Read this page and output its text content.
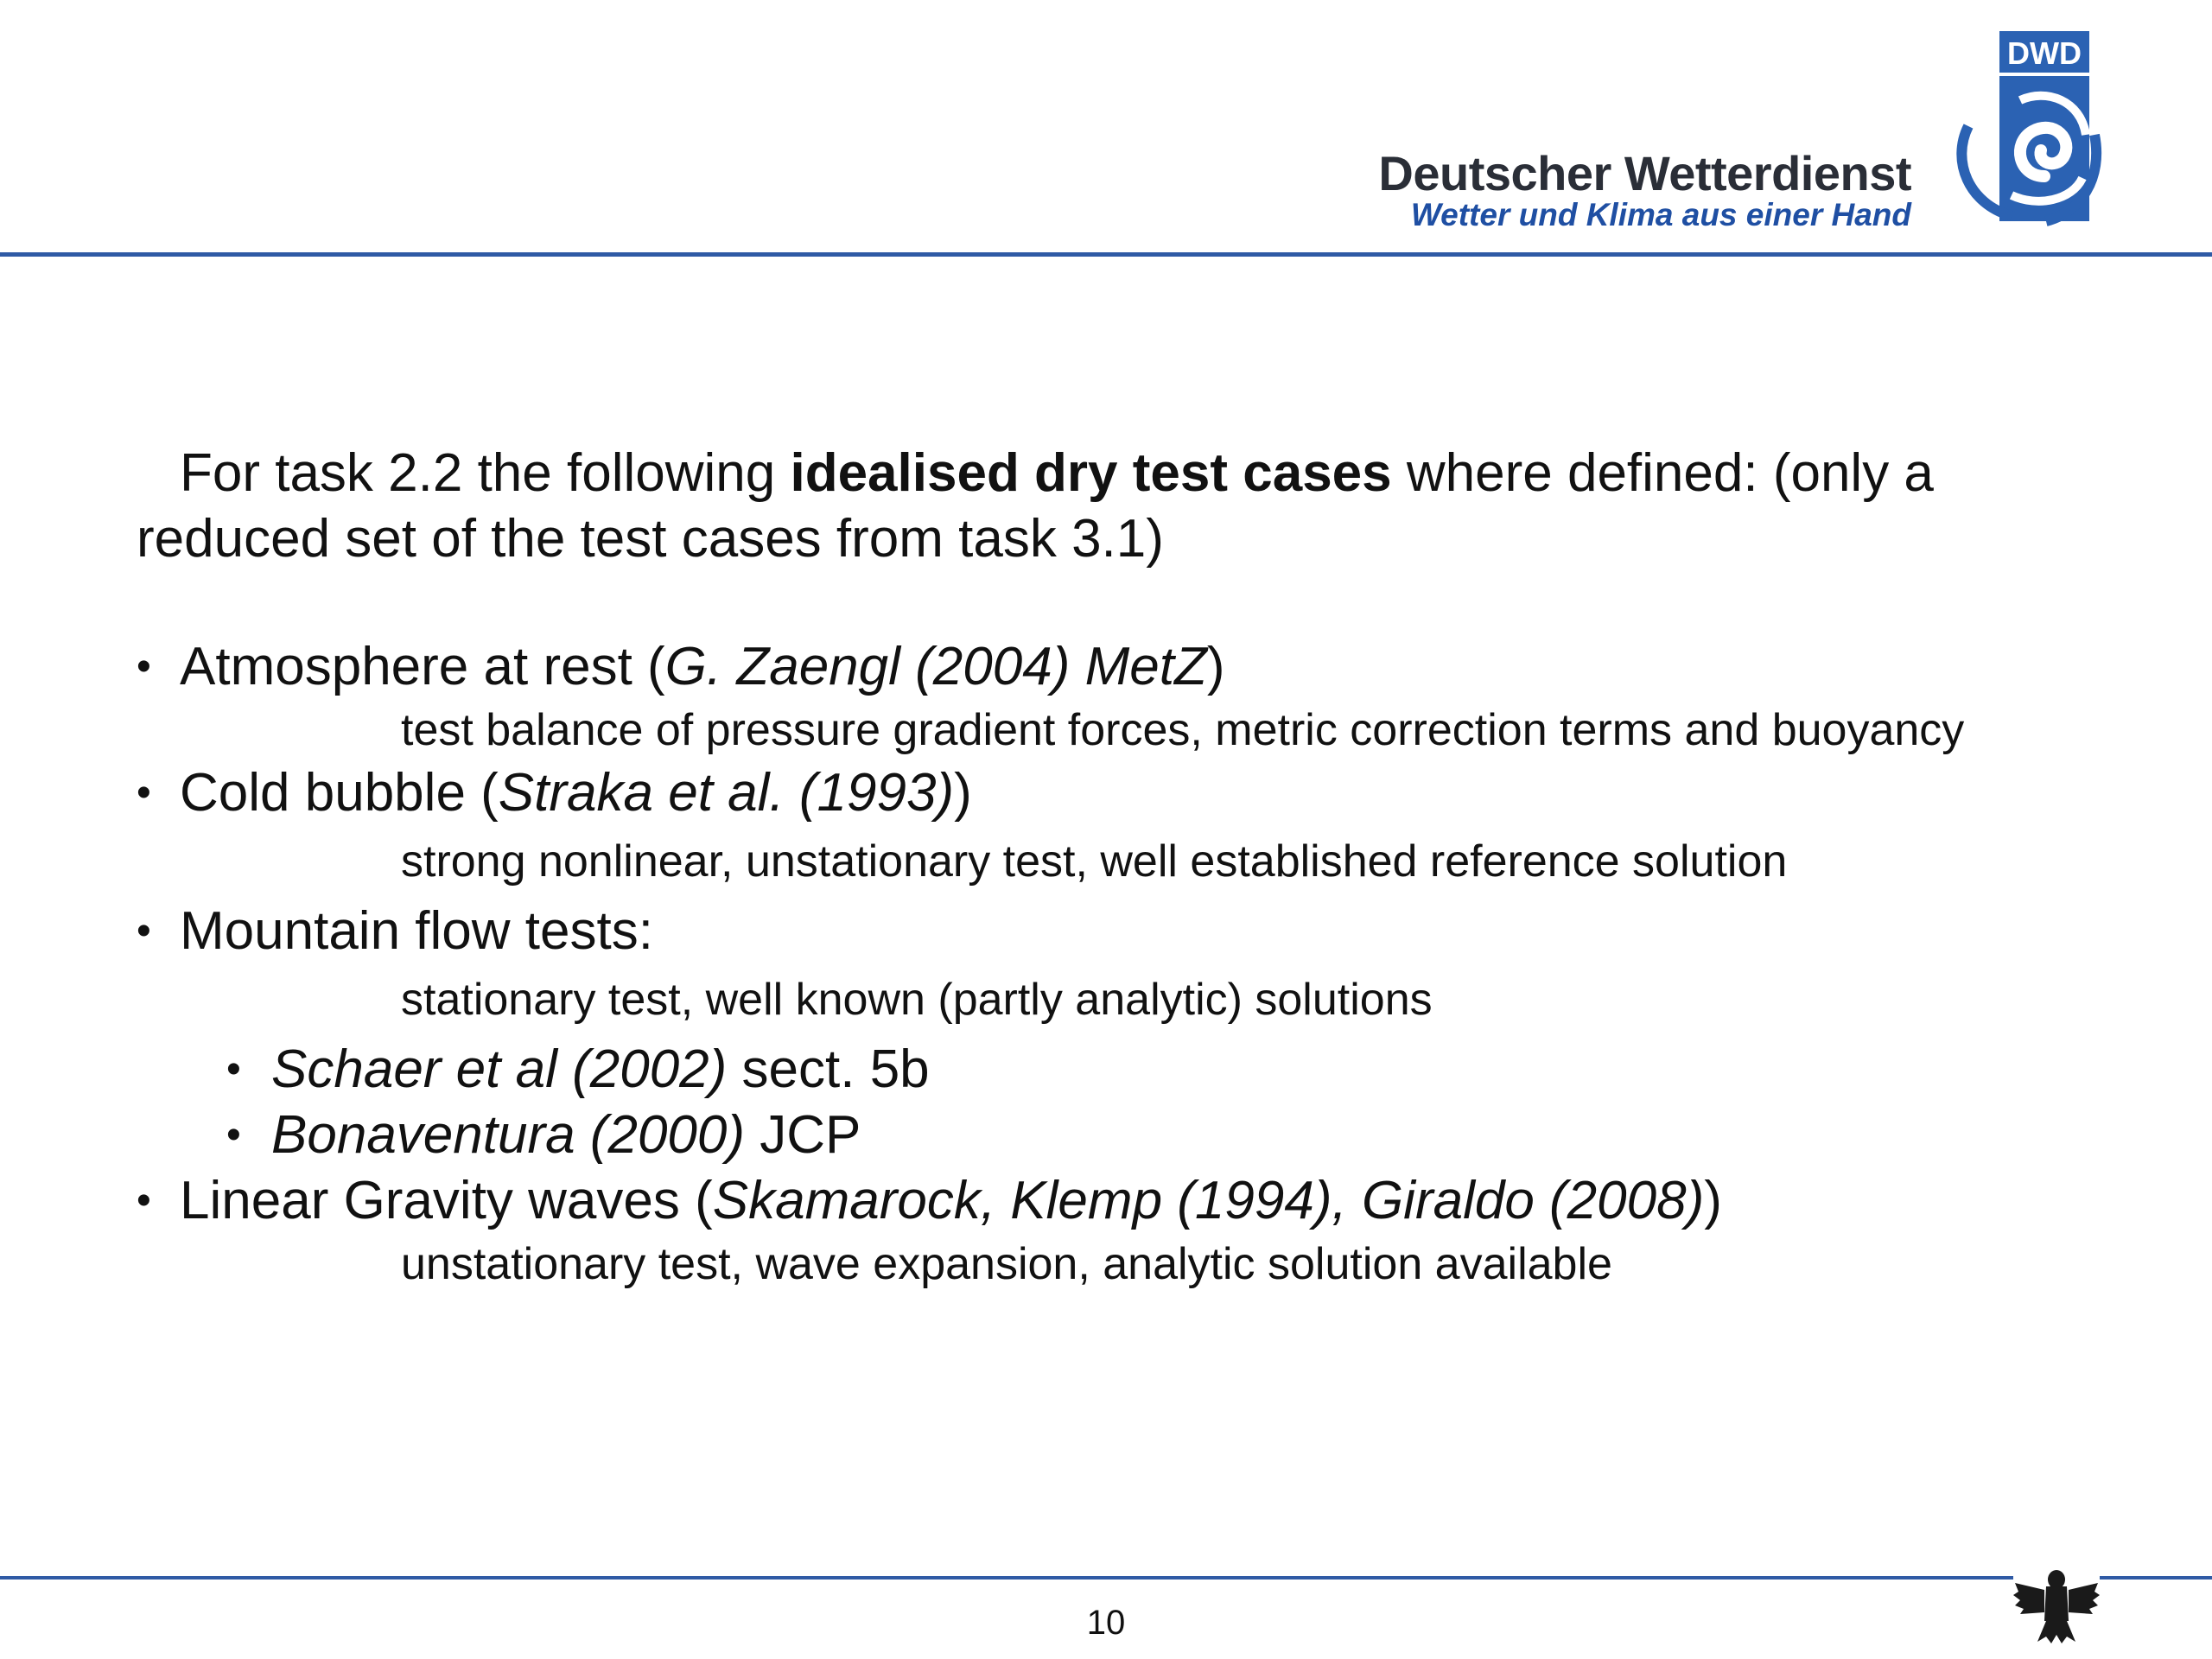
Deutscher Wetterdienst
Wetter und Klima aus einer Hand
DWD

For task 2.2 the following idealised dry test cases where defined: (only a reduced set of the test cases from task 3.1)

• Atmosphere at rest (G. Zaengl (2004) MetZ)
test balance of pressure gradient forces, metric correction terms and buoyancy
• Cold bubble (Straka et al. (1993))
strong nonlinear, unstationary test, well established reference solution
• Mountain flow tests:
stationary test, well known (partly analytic) solutions
• Schaer et al (2002) sect. 5b
• Bonaventura (2000) JCP
• Linear Gravity waves (Skamarock, Klemp (1994), Giraldo (2008))
unstationary test, wave expansion, analytic solution available
10
